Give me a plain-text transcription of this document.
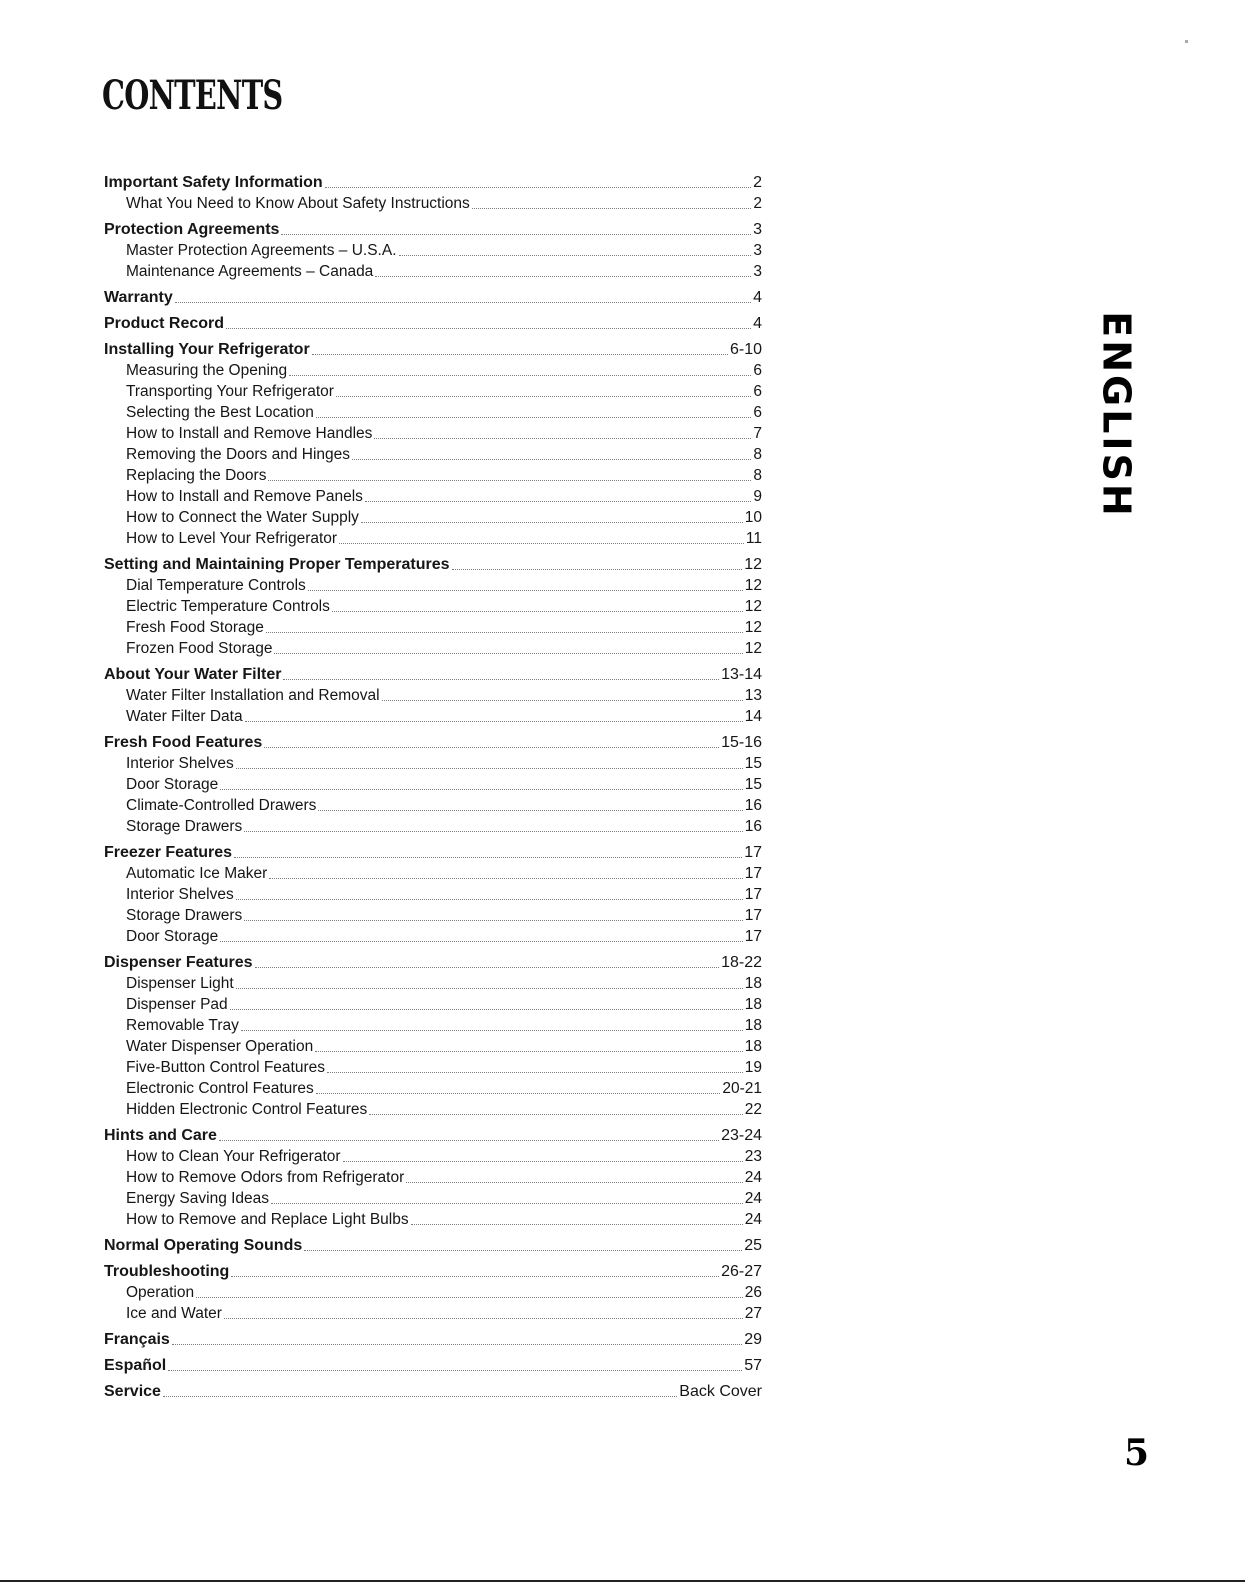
CONTENTS
Important Safety Information	2
What You Need to Know About Safety Instructions	2
Protection Agreements	3
Master Protection Agreements – U.S.A.	3
Maintenance Agreements – Canada	3
Warranty	4
Product Record	4
Installing Your Refrigerator	6-10
Measuring the Opening	6
Transporting Your Refrigerator	6
Selecting the Best Location	6
How to Install and Remove Handles	7
Removing the Doors and Hinges	8
Replacing the Doors	8
How to Install and Remove Panels	9
How to Connect the Water Supply	10
How to Level Your Refrigerator	11
Setting and Maintaining Proper Temperatures	12
Dial Temperature Controls	12
Electric Temperature Controls	12
Fresh Food Storage	12
Frozen Food Storage	12
About Your Water Filter	13-14
Water Filter Installation and Removal	13
Water Filter Data	14
Fresh Food Features	15-16
Interior Shelves	15
Door Storage	15
Climate-Controlled Drawers	16
Storage Drawers	16
Freezer Features	17
Automatic Ice Maker	17
Interior Shelves	17
Storage Drawers	17
Door Storage	17
Dispenser Features	18-22
Dispenser Light	18
Dispenser Pad	18
Removable Tray	18
Water Dispenser Operation	18
Five-Button Control Features	19
Electronic Control Features	20-21
Hidden Electronic Control Features	22
Hints and Care	23-24
How to Clean Your Refrigerator	23
How to Remove Odors from Refrigerator	24
Energy Saving Ideas	24
How to Remove and Replace Light Bulbs	24
Normal Operating Sounds	25
Troubleshooting	26-27
Operation	26
Ice and Water	27
Français	29
Español	57
Service	Back Cover
ENGLISH
5
